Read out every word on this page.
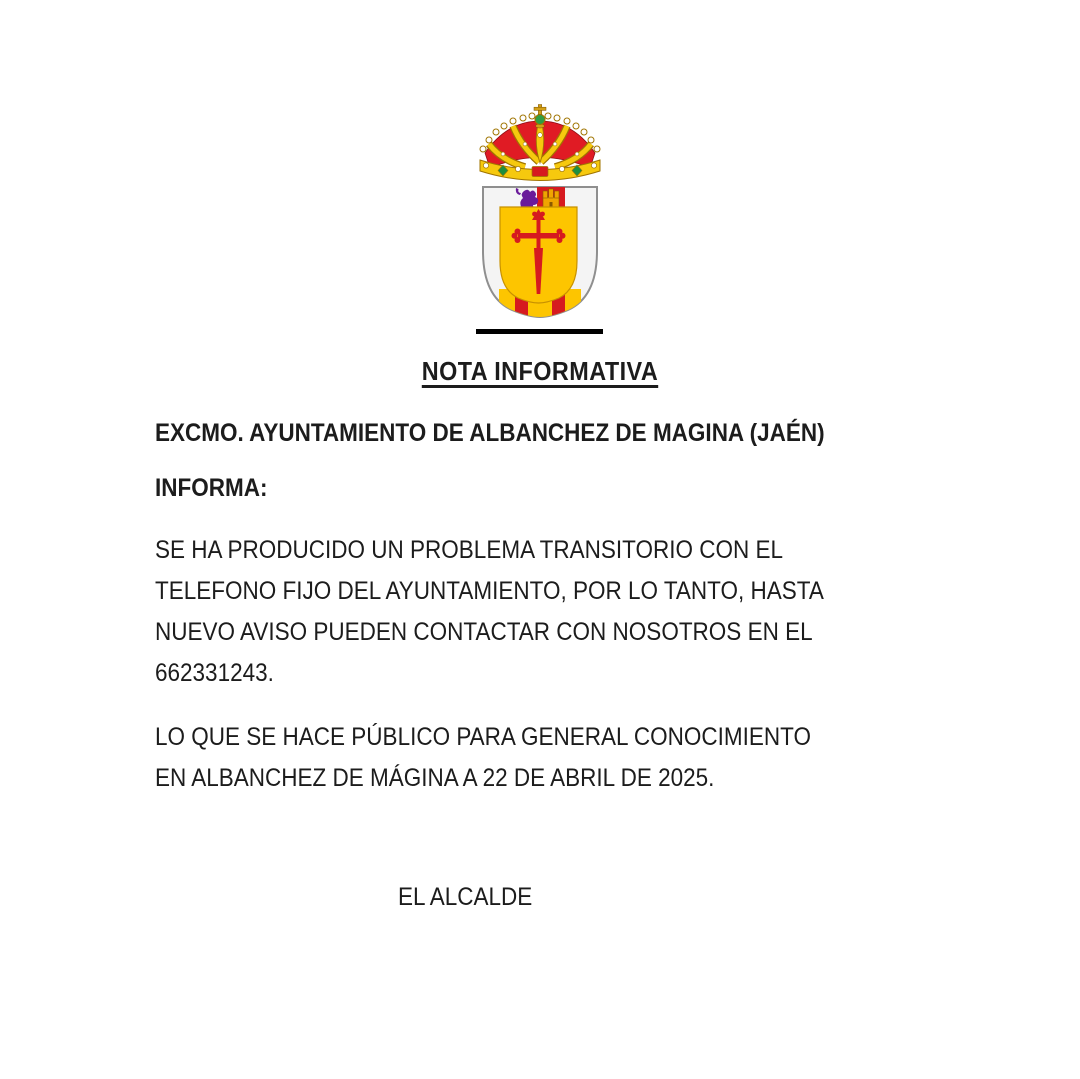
NOTA INFORMATIVA
EXCMO. AYUNTAMIENTO DE ALBANCHEZ DE MAGINA (JAÉN)
INFORMA:
SE HA PRODUCIDO UN PROBLEMA TRANSITORIO CON EL
TELEFONO FIJO DEL AYUNTAMIENTO, POR LO TANTO, HASTA
NUEVO AVISO PUEDEN CONTACTAR CON NOSOTROS EN EL
662331243.
LO QUE SE HACE PÚBLICO PARA GENERAL CONOCIMIENTO
EN ALBANCHEZ DE MÁGINA A 22 DE ABRIL DE 2025.
EL ALCALDE
